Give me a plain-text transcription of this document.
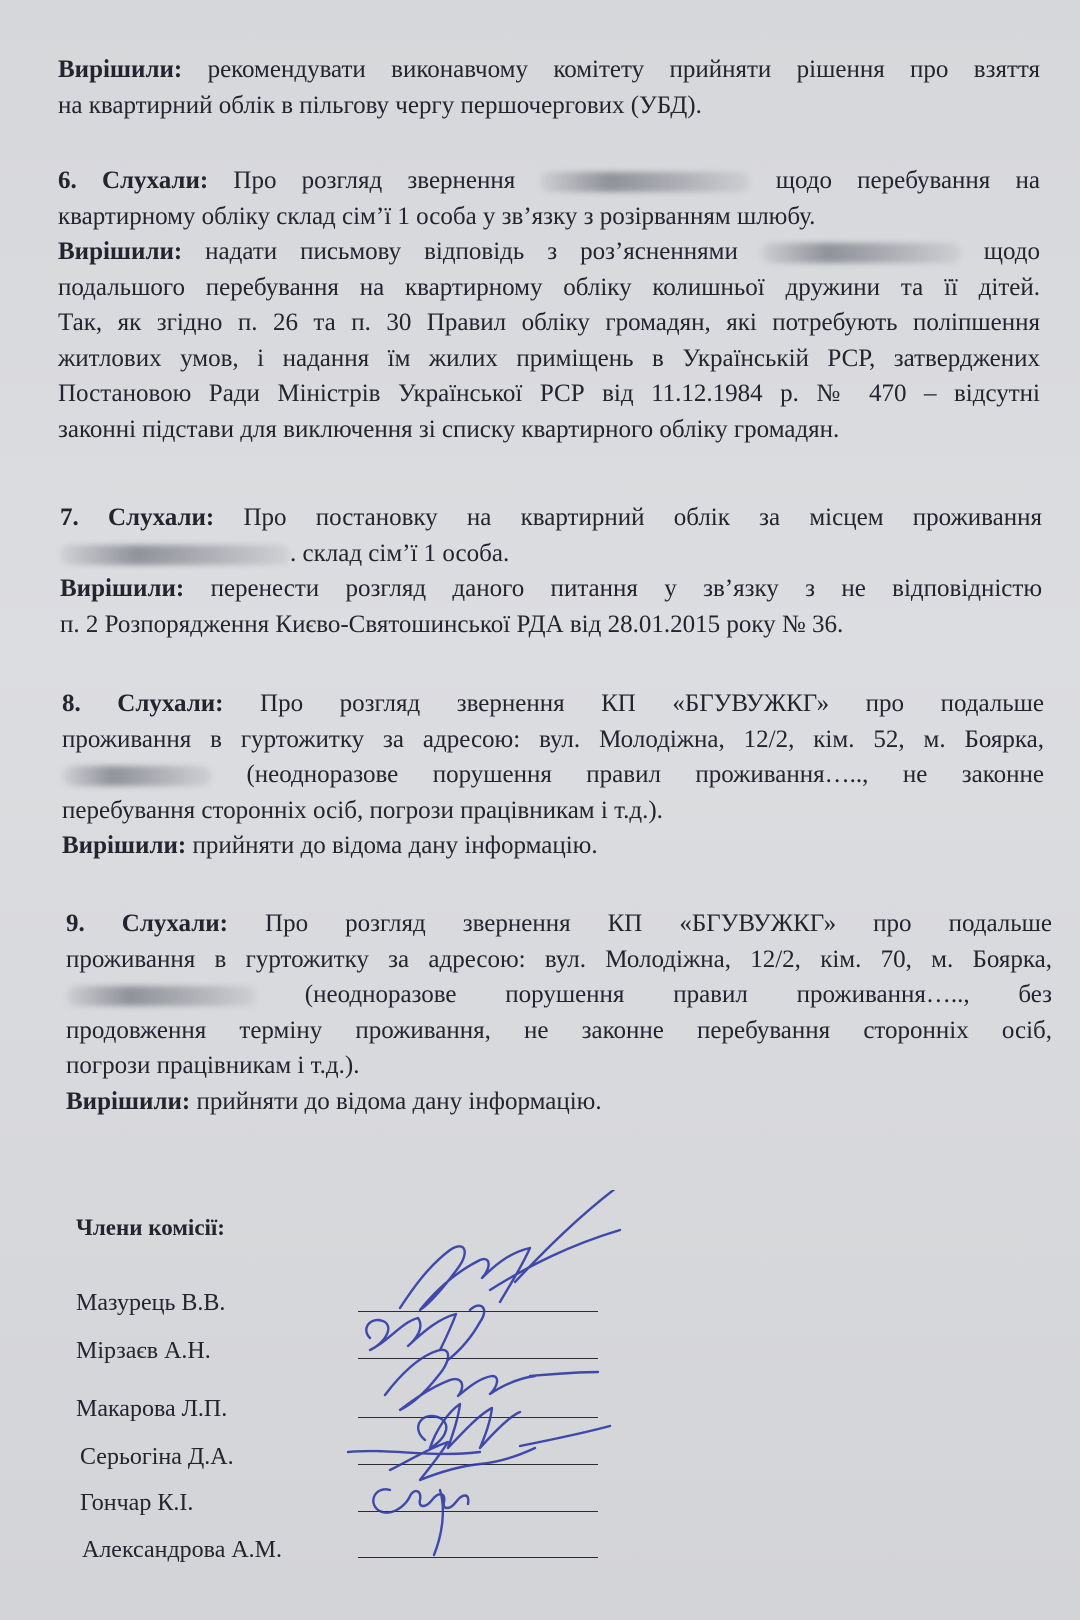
Вирішили: рекомендувати виконавчому комітету прийняти рішення про взяття
на квартирний облік в пільгову чергу першочергових (УБД).
6. Слухали: Про розгляд звернення	щодо перебування на
квартирному обліку склад сім’ї 1 особа у зв’язку з розірванням шлюбу.
Вирішили: надати письмову відповідь з роз’ясненнями	щодо
подальшого перебування на квартирному обліку колишньої дружини та її дітей.
Так, як згідно п. 26 та п. 30 Правил обліку громадян, які потребують поліпшення
житлових умов, і надання їм жилих приміщень в Українській РСР, затверджених
Постановою Ради Міністрів Української РСР від 11.12.1984 р. № 470 – відсутні
законні підстави для виключення зі списку квартирного обліку громадян.
7. Слухали: Про постановку на квартирний облік за місцем проживання
. склад сім’ї 1 особа.
Вирішили: перенести розгляд даного питання у зв’язку з не відповідністю
п. 2 Розпорядження Києво-Святошинської РДА від 28.01.2015 року № 36.
8. Слухали: Про розгляд звернення КП «БГУВУЖКГ» про подальше
проживання в гуртожитку за адресою: вул. Молодіжна, 12/2, кім. 52, м. Боярка,
(неодноразове порушення правил проживання….., не законне
перебування сторонніх осіб, погрози працівникам і т.д.).
Вирішили: прийняти до відома дану інформацію.
9. Слухали: Про розгляд звернення КП «БГУВУЖКГ» про подальше
проживання в гуртожитку за адресою: вул. Молодіжна, 12/2, кім. 70, м. Боярка,
(неодноразове порушення правил проживання….., без
продовження терміну проживання, не законне перебування сторонніх осіб,
погрози працівникам і т.д.).
Вирішили: прийняти до відома дану інформацію.

Члени комісії:

Мазурець В.В.

Мірзаєв А.Н.

Макарова Л.П.

Серьогіна Д.А.

Гончар К.І.

Александрова А.М.
